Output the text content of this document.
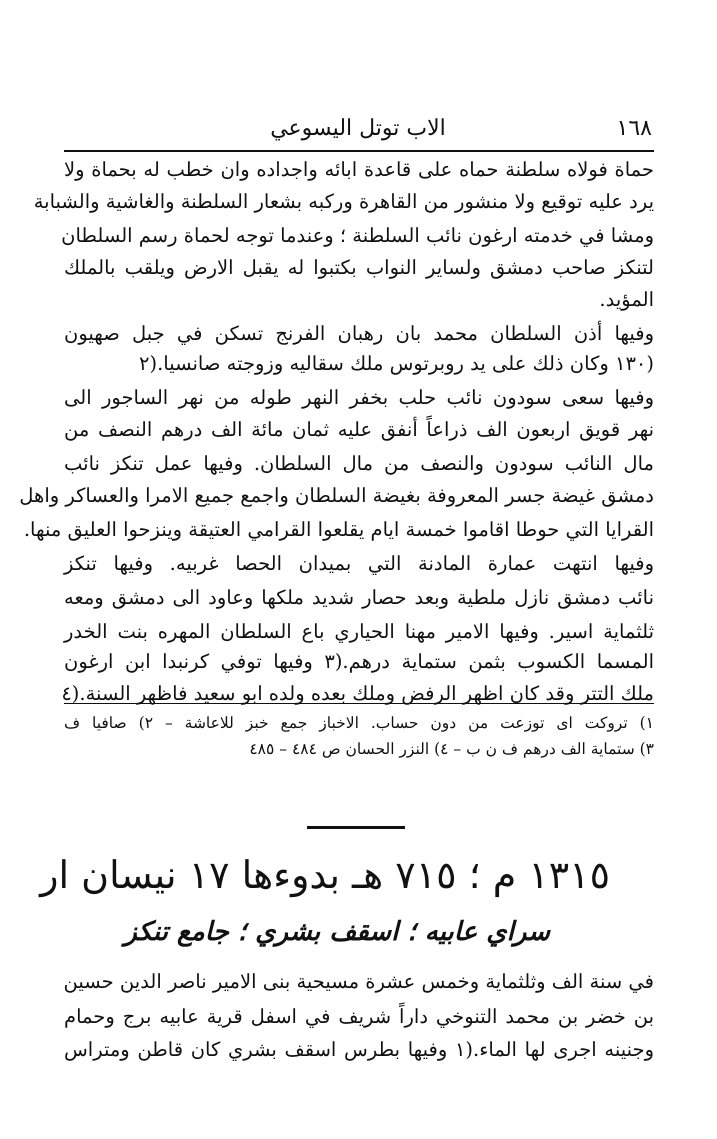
١٦٨
الاب توتل اليسوعي
حماة فولاه سلطنة حماه على قاعدة ابائه واجداده وان خطب له بحماة ولا
يرد عليه توقيع ولا منشور من القاهرة وركبه بشعار السلطنة والغاشية والشبابة
ومشا في خدمته ارغون نائب السلطنة ؛ وعندما توجه لحماة رسم السلطان
لتنكز صاحب دمشق ولساير النواب بكتبوا له يقبل الارض ويلقب بالملك
المؤيد.
وفيها أذن السلطان محمد بان رهبان الفرنج تسكن في جبل صهيون
(١٣٠ وكان ذلك على يد روبرتوس ملك سقاليه وزوجته صانسيا.(٢
وفيها سعى سودون نائب حلب بخفر النهر طوله من نهر الساجور الى
نهر قويق اربعون الف ذراعاً أنفق عليه ثمان مائة الف درهم النصف من
مال النائب سودون والنصف من مال السلطان. وفيها عمل تنكز نائب
دمشق غيضة جسر المعروفة بغيضة السلطان واجمع جميع الامرا والعساكر واهل
القرايا التي حوطا اقاموا خمسة ايام يقلعوا القرامي العتيقة وينزحوا العليق منها.
وفيها انتهت عمارة المادنة التي بميدان الحصا غربيه. وفيها تنكز
نائب دمشق نازل ملطية وبعد حصار شديد ملكها وعاود الى دمشق ومعه
ثلثماية اسير. وفيها الامير مهنا الحياري باع السلطان المهره بنت الخدر
المسما الكسوب بثمن ستماية درهم.(٣ وفيها توفي كرنبدا ابن ارغون
ملك التتر وقد كان اظهر الرفض وملك بعده ولده ابو سعيد فاظهر السنة.(٤
١) تروكت اى توزعت من دون حساب. الاخباز جمع خبز للاعاشة – ٢) صافيا ف
٣) ستماية الف درهم ف ن ب – ٤) النزر الحسان ص ٤٨٤ – ٤٨٥
١٣١٥ م ؛ ٧١٥ هـ بدوءها ١٧ نيسان ار
سراي عابيه ؛ اسقف بشري ؛ جامع تنكز
في سنة الف وثلثماية وخمس عشرة مسيحية بنى الامير ناصر الدين حسين
بن خضر بن محمد التنوخي داراً شريف في اسفل قرية عابيه برج وحمام
وجنينه اجرى لها الماء.(١ وفيها بطرس اسقف بشري كان قاطن ومتراس
